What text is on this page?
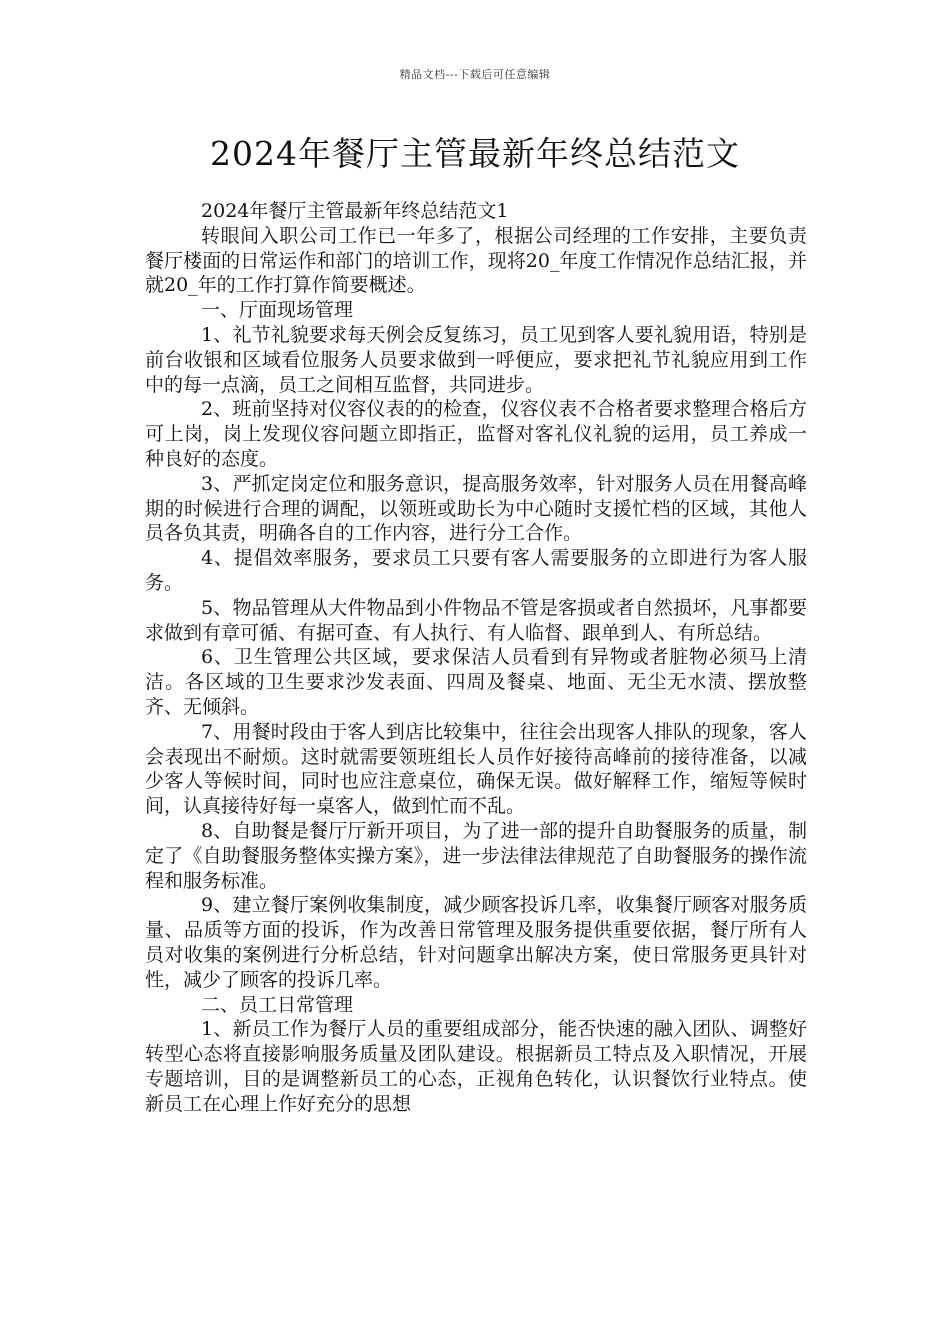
精品文档---下载后可任意编辑
2024年餐厅主管最新年终总结范文

2024年餐厅主管最新年终总结范文1

转眼间入职公司工作已一年多了，根据公司经理的工作安排，主要负责餐厅楼面的日常运作和部门的培训工作，现将20_年度工作情况作总结汇报，并就20_年的工作打算作简要概述。

一、厅面现场管理

1、礼节礼貌要求每天例会反复练习，员工见到客人要礼貌用语，特别是前台收银和区域看位服务人员要求做到一呼便应，要求把礼节礼貌应用到工作中的每一点滴，员工之间相互监督，共同进步。

2、班前坚持对仪容仪表的的检查，仪容仪表不合格者要求整理合格后方可上岗，岗上发现仪容问题立即指正，监督对客礼仪礼貌的运用，员工养成一种良好的态度。

3、严抓定岗定位和服务意识，提高服务效率，针对服务人员在用餐高峰期的时候进行合理的调配，以领班或助长为中心随时支援忙档的区域，其他人员各负其责，明确各自的工作内容，进行分工合作。

4、提倡效率服务，要求员工只要有客人需要服务的立即进行为客人服务。

5、物品管理从大件物品到小件物品不管是客损或者自然损坏，凡事都要求做到有章可循、有据可查、有人执行、有人临督、跟单到人、有所总结。

6、卫生管理公共区域，要求保洁人员看到有异物或者脏物必须马上清洁。各区域的卫生要求沙发表面、四周及餐桌、地面、无尘无水渍、摆放整齐、无倾斜。

7、用餐时段由于客人到店比较集中，往往会出现客人排队的现象，客人会表现出不耐烦。这时就需要领班组长人员作好接待高峰前的接待准备，以减少客人等候时间，同时也应注意桌位，确保无误。做好解释工作，缩短等候时间，认真接待好每一桌客人，做到忙而不乱。

8、自助餐是餐厅厅新开项目，为了进一部的提升自助餐服务的质量，制定了《自助餐服务整体实操方案》，进一步法律法律规范了自助餐服务的操作流程和服务标准。

9、建立餐厅案例收集制度，减少顾客投诉几率，收集餐厅顾客对服务质量、品质等方面的投诉，作为改善日常管理及服务提供重要依据，餐厅所有人员对收集的案例进行分析总结，针对问题拿出解决方案，使日常服务更具针对性，减少了顾客的投诉几率。

二、员工日常管理

1、新员工作为餐厅人员的重要组成部分，能否快速的融入团队、调整好转型心态将直接影响服务质量及团队建设。根据新员工特点及入职情况，开展专题培训，目的是调整新员工的心态，正视角色转化，认识餐饮行业特点。使新员工在心理上作好充分的思想
